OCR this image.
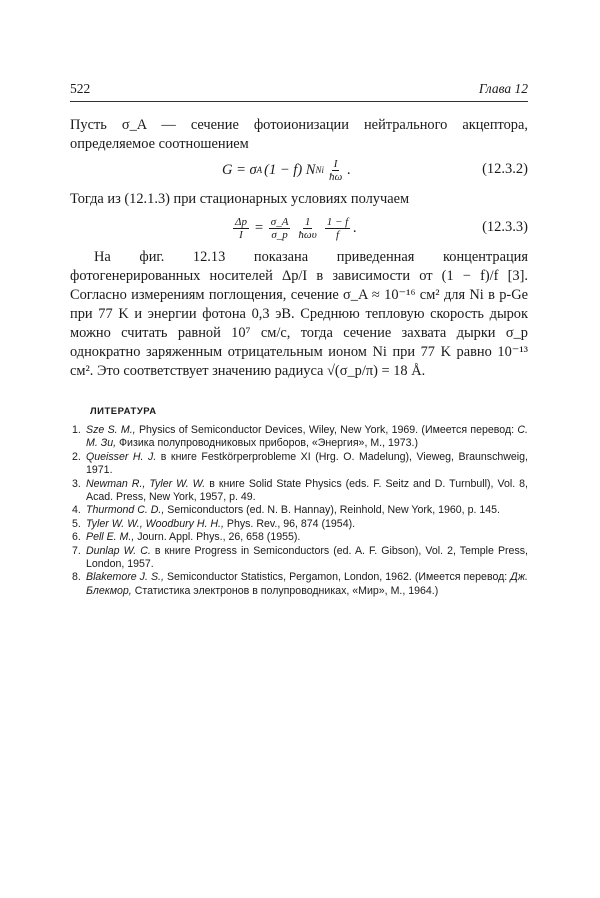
522	Глава 12
Пусть σ_A — сечение фотоионизации нейтрального акцептора, определяемое соотношением
G = σ A (1 − f) N Ni $\frac{I}{ħ\omega}$ .	(12.3.2)
Тогда из (12.1.3) при стационарных условиях получаем
$\frac{\Delta p}{I} = \frac{\sigma\_A}{\sigma\_p} \frac{1}{\text{ħωυ}} \frac{1 - f}{f}$ .	(12.3.3)
На фиг. 12.13 показана приведенная концентрация фотогенерированных носителей Δp/I в зависимости от (1 − f)/f [3]. Согласно измерениям поглощения, сечение σ_A ≈ 10⁻¹⁶ см² для Ni в p-Ge при 77 K и энергии фотона 0,3 эВ. Среднюю тепловую скорость дырок можно считать равной 10⁷ см/с, тогда сечение захвата дырки σ_p однократно заряженным отрицательным ионом Ni при 77 K равно 10⁻¹³ см². Это соответствует значению радиуса √(σ_p/π) = 18 Å.
ЛИТЕРАТУРА
1. Sze S. M., Physics of Semiconductor Devices, Wiley, New York, 1969. (Имеется перевод: С. М. Зи, Физика полупроводниковых приборов, «Энергия», М., 1973.)
2. Queisser H. J. в книге Festkörperprobleme XI (Hrg. O. Madelung), Vieweg, Braunschweig, 1971.
3. Newman R., Tyler W. W. в книге Solid State Physics (eds. F. Seitz and D. Turnbull), Vol. 8, Acad. Press, New York, 1957, p. 49.
4. Thurmond C. D., Semiconductors (ed. N. B. Hannay), Reinhold, New York, 1960, p. 145.
5. Tyler W. W., Woodbury H. H., Phys. Rev., 96, 874 (1954).
6. Pell E. M., Journ. Appl. Phys., 26, 658 (1955).
7. Dunlap W. C. в книге Progress in Semiconductors (ed. A. F. Gibson), Vol. 2, Temple Press, London, 1957.
8. Blakemore J. S., Semiconductor Statistics, Pergamon, London, 1962. (Имеется перевод: Дж. Блекмор, Статистика электронов в полупроводниках, «Мир», М., 1964.)
